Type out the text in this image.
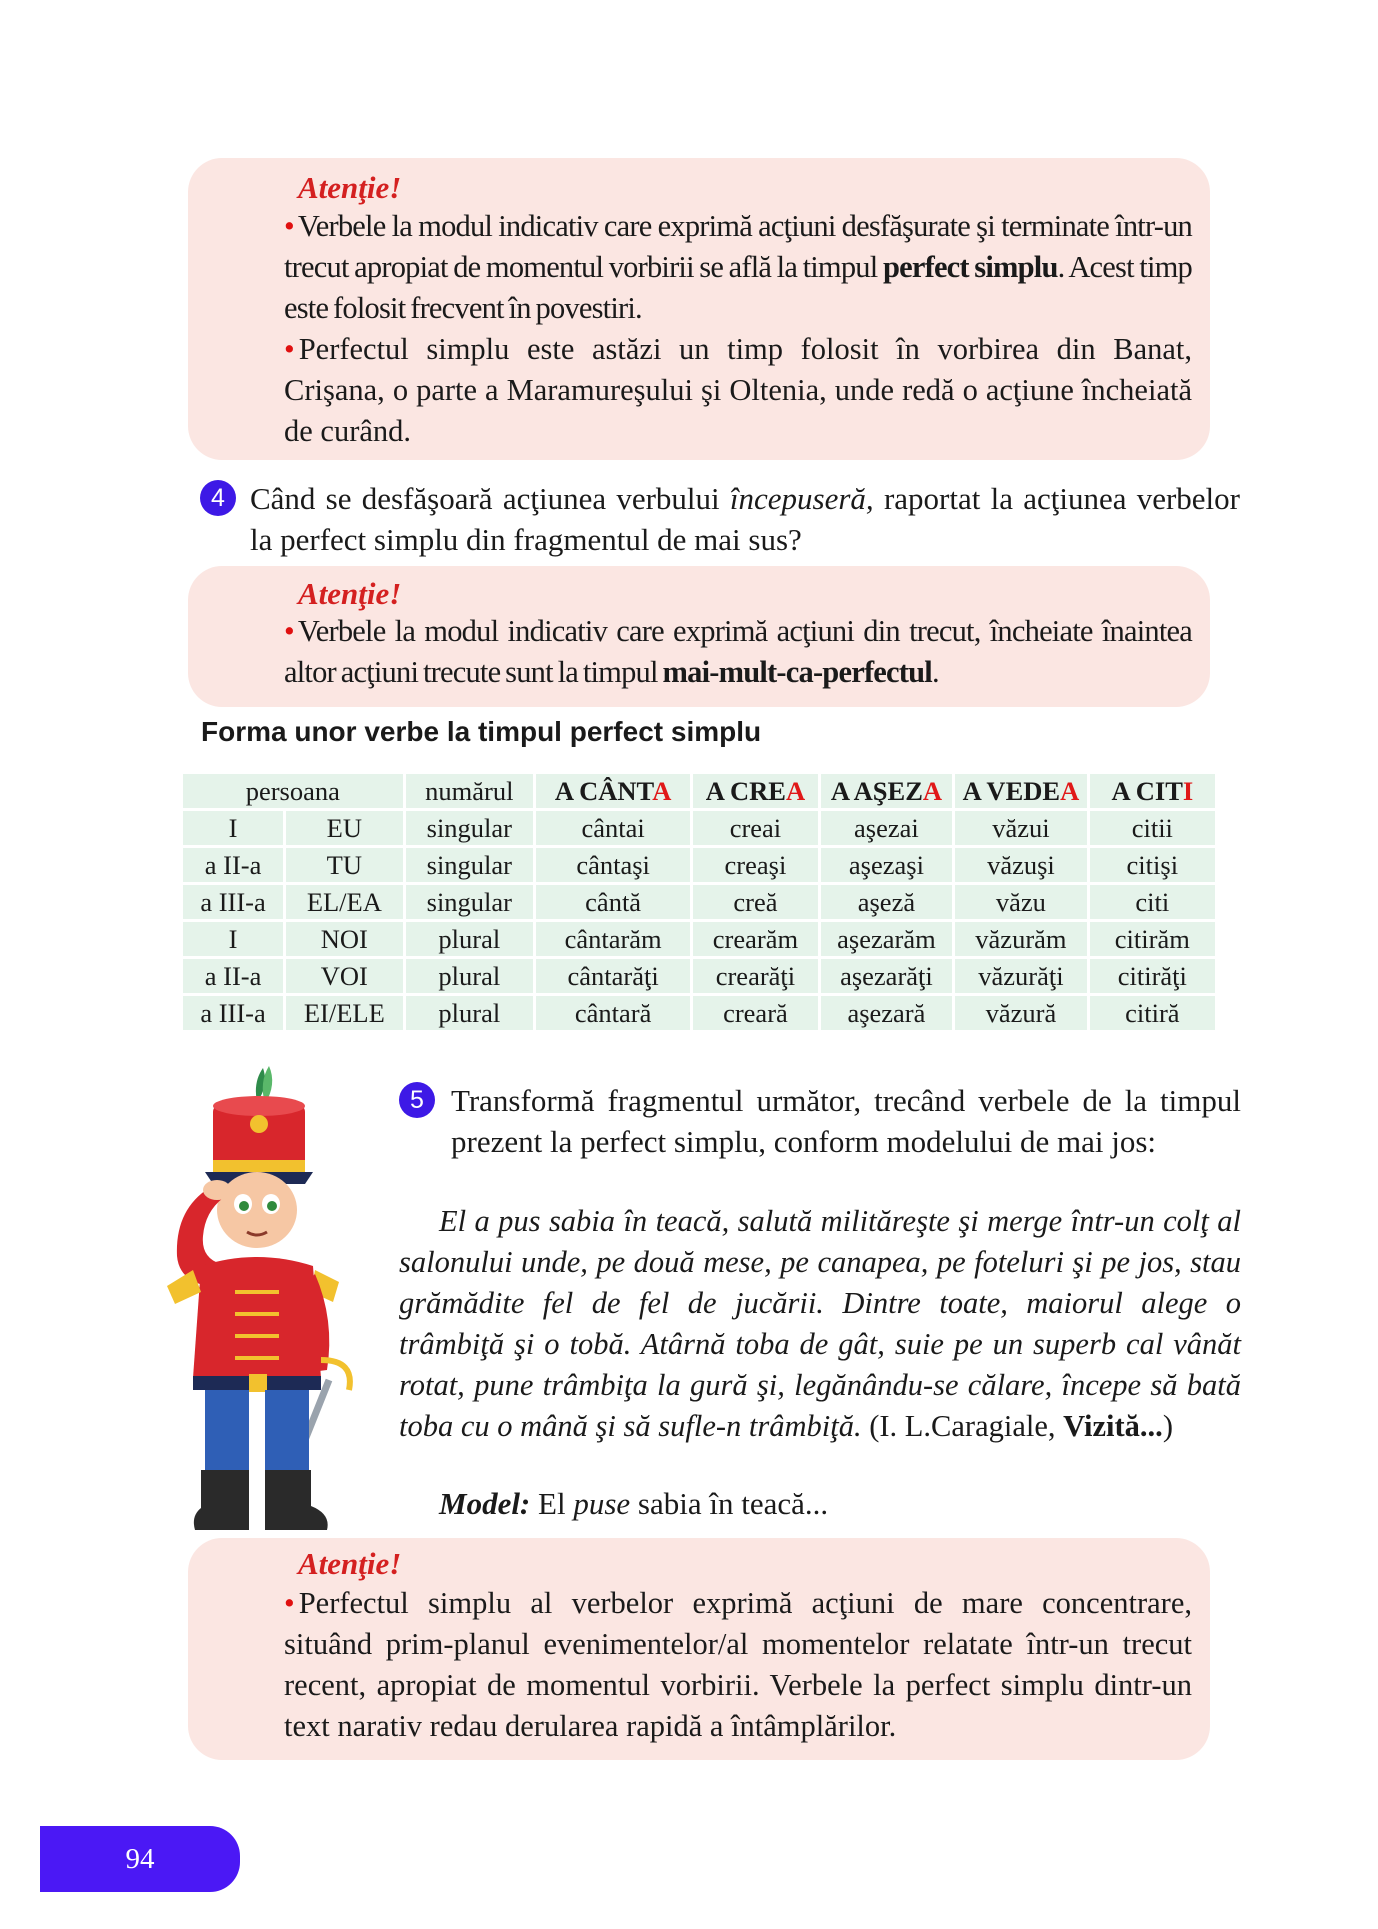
Atenţie!
• Verbele la modul indicativ care exprimă acţiuni desfăşurate şi terminate într-un trecut apropiat de momentul vorbirii se află la timpul perfect simplu. Acest timp este folosit frecvent în povestiri.
• Perfectul simplu este astăzi un timp folosit în vorbirea din Banat, Crişana, o parte a Maramureşului şi Oltenia, unde redă o acţiune încheiată de curând.
4 Când se desfăşoară acţiunea verbului începuseră, raportat la acţiunea verbelor la perfect simplu din fragmentul de mai sus?
Atenţie!
• Verbele la modul indicativ care exprimă acţiuni din trecut, încheiate înaintea altor acţiuni trecute sunt la timpul mai-mult-ca-perfectul.
Forma unor verbe la timpul perfect simplu
persoana		numărul	A CÂNTA	A CREA	A AŞEZA	A VEDEA	A CITI
I	EU	singular	cântai	creai	aşezai	văzui	citii
a II-a	TU	singular	cântaşi	creaşi	aşezaşi	văzuşi	citişi
a III-a	EL/EA	singular	cântă	creă	aşeză	văzu	citi
I	NOI	plural	cântarăm	crearăm	aşezarăm	văzurăm	citirăm
a II-a	VOI	plural	cântarăţi	crearăţi	aşezarăţi	văzurăţi	citirăţi
a III-a	EI/ELE	plural	cântară	creară	aşezară	văzură	citiră
5 Transformă fragmentul următor, trecând verbele de la timpul prezent la perfect simplu, conform modelului de mai jos:
El a pus sabia în teacă, salută milităreşte şi merge într-un colţ al salonului unde, pe două mese, pe canapea, pe foteluri şi pe jos, stau grămădite fel de fel de jucării. Dintre toate, maiorul alege o trâmbiţă şi o tobă. Atârnă toba de gât, suie pe un superb cal vânăt rotat, pune trâmbiţa la gură şi, legănându-se călare, începe să bată toba cu o mână şi să sufle-n trâmbiţă. (I. L.Caragiale, Vizită...)
Model: El puse sabia în teacă...
Atenţie!
• Perfectul simplu al verbelor exprimă acţiuni de mare concentrare, situând prim-planul evenimentelor/al momentelor relatate într-un trecut recent, apropiat de momentul vorbirii. Verbele la perfect simplu dintr-un text narativ redau derularea rapidă a întâmplărilor.
94
